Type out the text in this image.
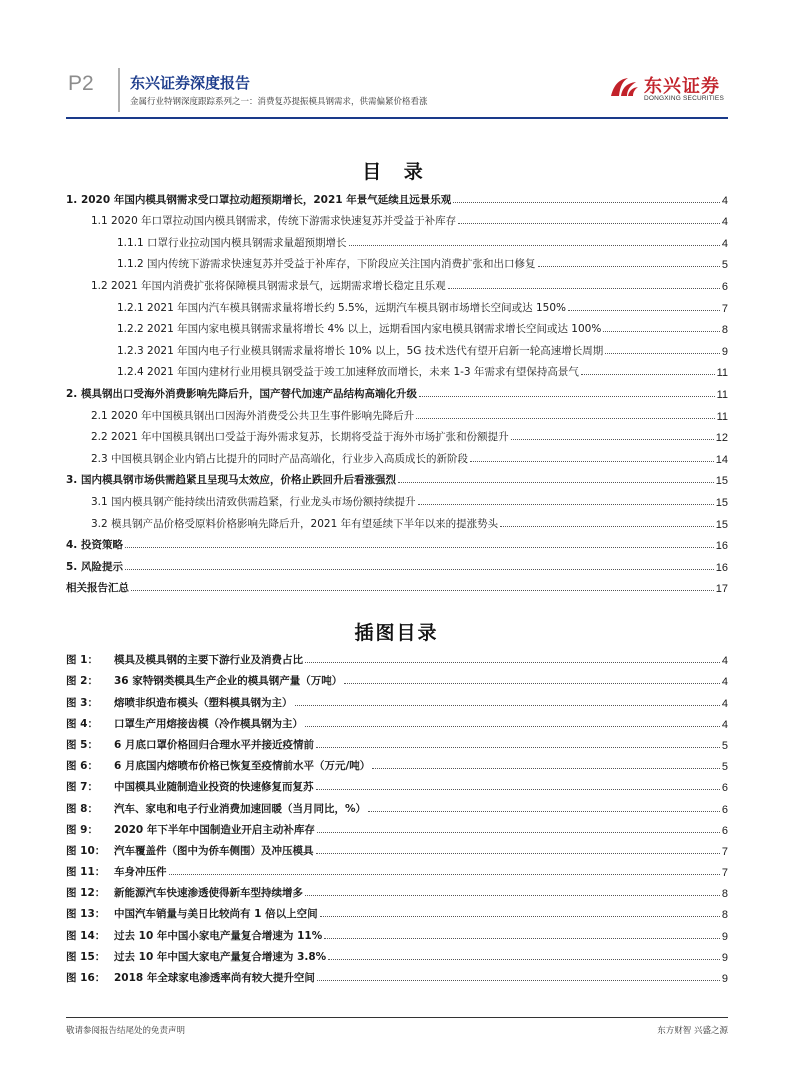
P2 东兴证券深度报告
金属行业特钢深度跟踪系列之一：消费复苏提振模具钢需求，供需偏紧价格看涨
东兴证券
DONGXING SECURITIES
目 录
1. 2020 年国内模具钢需求受口罩拉动超预期增长，2021 年景气延续且远景乐观	4
1.1 2020 年口罩拉动国内模具钢需求，传统下游需求快速复苏并受益于补库存	4
1.1.1 口罩行业拉动国内模具钢需求量超预期增长	4
1.1.2 国内传统下游需求快速复苏并受益于补库存，下阶段应关注国内消费扩张和出口修复	5
1.2 2021 年国内消费扩张将保障模具钢需求景气，远期需求增长稳定且乐观	6
1.2.1 2021 年国内汽车模具钢需求量将增长约 5.5%，远期汽车模具钢市场增长空间或达 150%	7
1.2.2 2021 年国内家电模具钢需求量将增长 4% 以上，远期看国内家电模具钢需求增长空间或达 100%	8
1.2.3 2021 年国内电子行业模具钢需求量将增长 10% 以上，5G 技术迭代有望开启新一轮高速增长周期	9
1.2.4 2021 年国内建材行业用模具钢受益于竣工加速释放而增长，未来 1-3 年需求有望保持高景气	11
2. 模具钢出口受海外消费影响先降后升，国产替代加速产品结构高端化升级	11
2.1 2020 年中国模具钢出口因海外消费受公共卫生事件影响先降后升	11
2.2 2021 年中国模具钢出口受益于海外需求复苏，长期将受益于海外市场扩张和份额提升	12
2.3 中国模具钢企业内销占比提升的同时产品高端化，行业步入高质成长的新阶段	14
3. 国内模具钢市场供需趋紧且呈现马太效应，价格止跌回升后看涨强烈	15
3.1 国内模具钢产能持续出清致供需趋紧，行业龙头市场份额持续提升	15
3.2 模具钢产品价格受原料价格影响先降后升，2021 年有望延续下半年以来的提涨势头	15
4. 投资策略	16
5. 风险提示	16
相关报告汇总	17
插图目录
图 1： 模具及模具钢的主要下游行业及消费占比	4
图 2： 36 家特钢类模具生产企业的模具钢产量（万吨）	4
图 3： 熔喷非织造布模头（塑料模具钢为主）	4
图 4： 口罩生产用熔接齿模（冷作模具钢为主）	4
图 5： 6 月底口罩价格回归合理水平并接近疫情前	5
图 6： 6 月底国内熔喷布价格已恢复至疫情前水平（万元/吨）	5
图 7： 中国模具业随制造业投资的快速修复而复苏	6
图 8： 汽车、家电和电子行业消费加速回暖（当月同比，%）	6
图 9： 2020 年下半年中国制造业开启主动补库存	6
图 10： 汽车覆盖件（图中为侨车侧围）及冲压模具	7
图 11： 车身冲压件	7
图 12： 新能源汽车快速渗透使得新车型持续增多	8
图 13： 中国汽车销量与美日比较尚有 1 倍以上空间	8
图 14： 过去 10 年中国小家电产量复合增速为 11%	9
图 15： 过去 10 年中国大家电产量复合增速为 3.8%	9
图 16： 2018 年全球家电渗透率尚有较大提升空间	9
敬请参阅报告结尾处的免责声明	东方财智 兴盛之源
